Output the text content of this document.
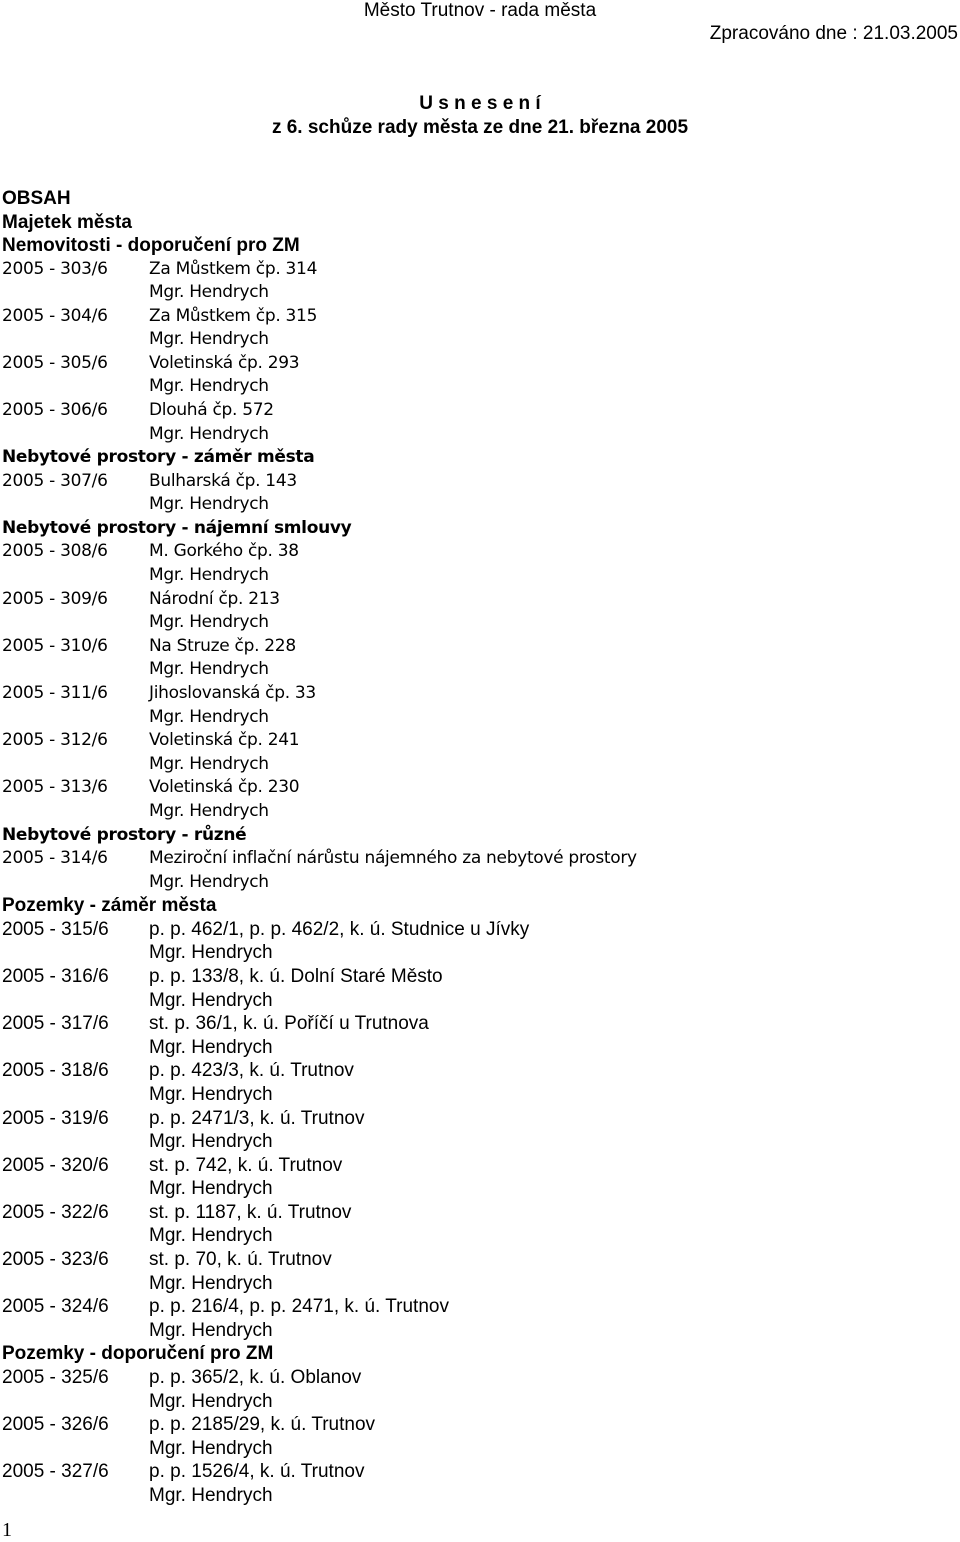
Město Trutnov - rada města
Zpracováno dne : 21.03.2005
U s n e s e n í
z 6. schůze rady města ze dne 21. března 2005
OBSAH
Majetek města
Nemovitosti - doporučení pro ZM
2005 - 303/6 Za Můstkem čp. 314
Mgr. Hendrych
2005 - 304/6 Za Můstkem čp. 315
Mgr. Hendrych
2005 - 305/6 Voletinská čp. 293
Mgr. Hendrych
2005 - 306/6 Dlouhá čp. 572
Mgr. Hendrych
Nebytové prostory - záměr města
2005 - 307/6 Bulharská čp. 143
Mgr. Hendrych
Nebytové prostory - nájemní smlouvy
2005 - 308/6 M. Gorkého čp. 38
Mgr. Hendrych
2005 - 309/6 Národní čp. 213
Mgr. Hendrych
2005 - 310/6 Na Struze čp. 228
Mgr. Hendrych
2005 - 311/6 Jihoslovanská čp. 33
Mgr. Hendrych
2005 - 312/6 Voletinská čp. 241
Mgr. Hendrych
2005 - 313/6 Voletinská čp. 230
Mgr. Hendrych
Nebytové prostory - různé
2005 - 314/6 Meziroční inflační nárůstu nájemného za nebytové prostory
Mgr. Hendrych
Pozemky - záměr města
2005 - 315/6 p. p. 462/1, p. p. 462/2, k. ú. Studnice u Jívky
Mgr. Hendrych
2005 - 316/6 p. p. 133/8, k. ú. Dolní Staré Město
Mgr. Hendrych
2005 - 317/6 st. p. 36/1, k. ú. Poříčí u Trutnova
Mgr. Hendrych
2005 - 318/6 p. p. 423/3, k. ú. Trutnov
Mgr. Hendrych
2005 - 319/6 p. p. 2471/3, k. ú. Trutnov
Mgr. Hendrych
2005 - 320/6 st. p. 742, k. ú. Trutnov
Mgr. Hendrych
2005 - 322/6 st. p. 1187, k. ú. Trutnov
Mgr. Hendrych
2005 - 323/6 st. p. 70, k. ú. Trutnov
Mgr. Hendrych
2005 - 324/6 p. p. 216/4, p. p. 2471, k. ú. Trutnov
Mgr. Hendrych
Pozemky - doporučení pro ZM
2005 - 325/6 p. p. 365/2, k. ú. Oblanov
Mgr. Hendrych
2005 - 326/6 p. p. 2185/29, k. ú. Trutnov
Mgr. Hendrych
2005 - 327/6 p. p. 1526/4, k. ú. Trutnov
Mgr. Hendrych
1
